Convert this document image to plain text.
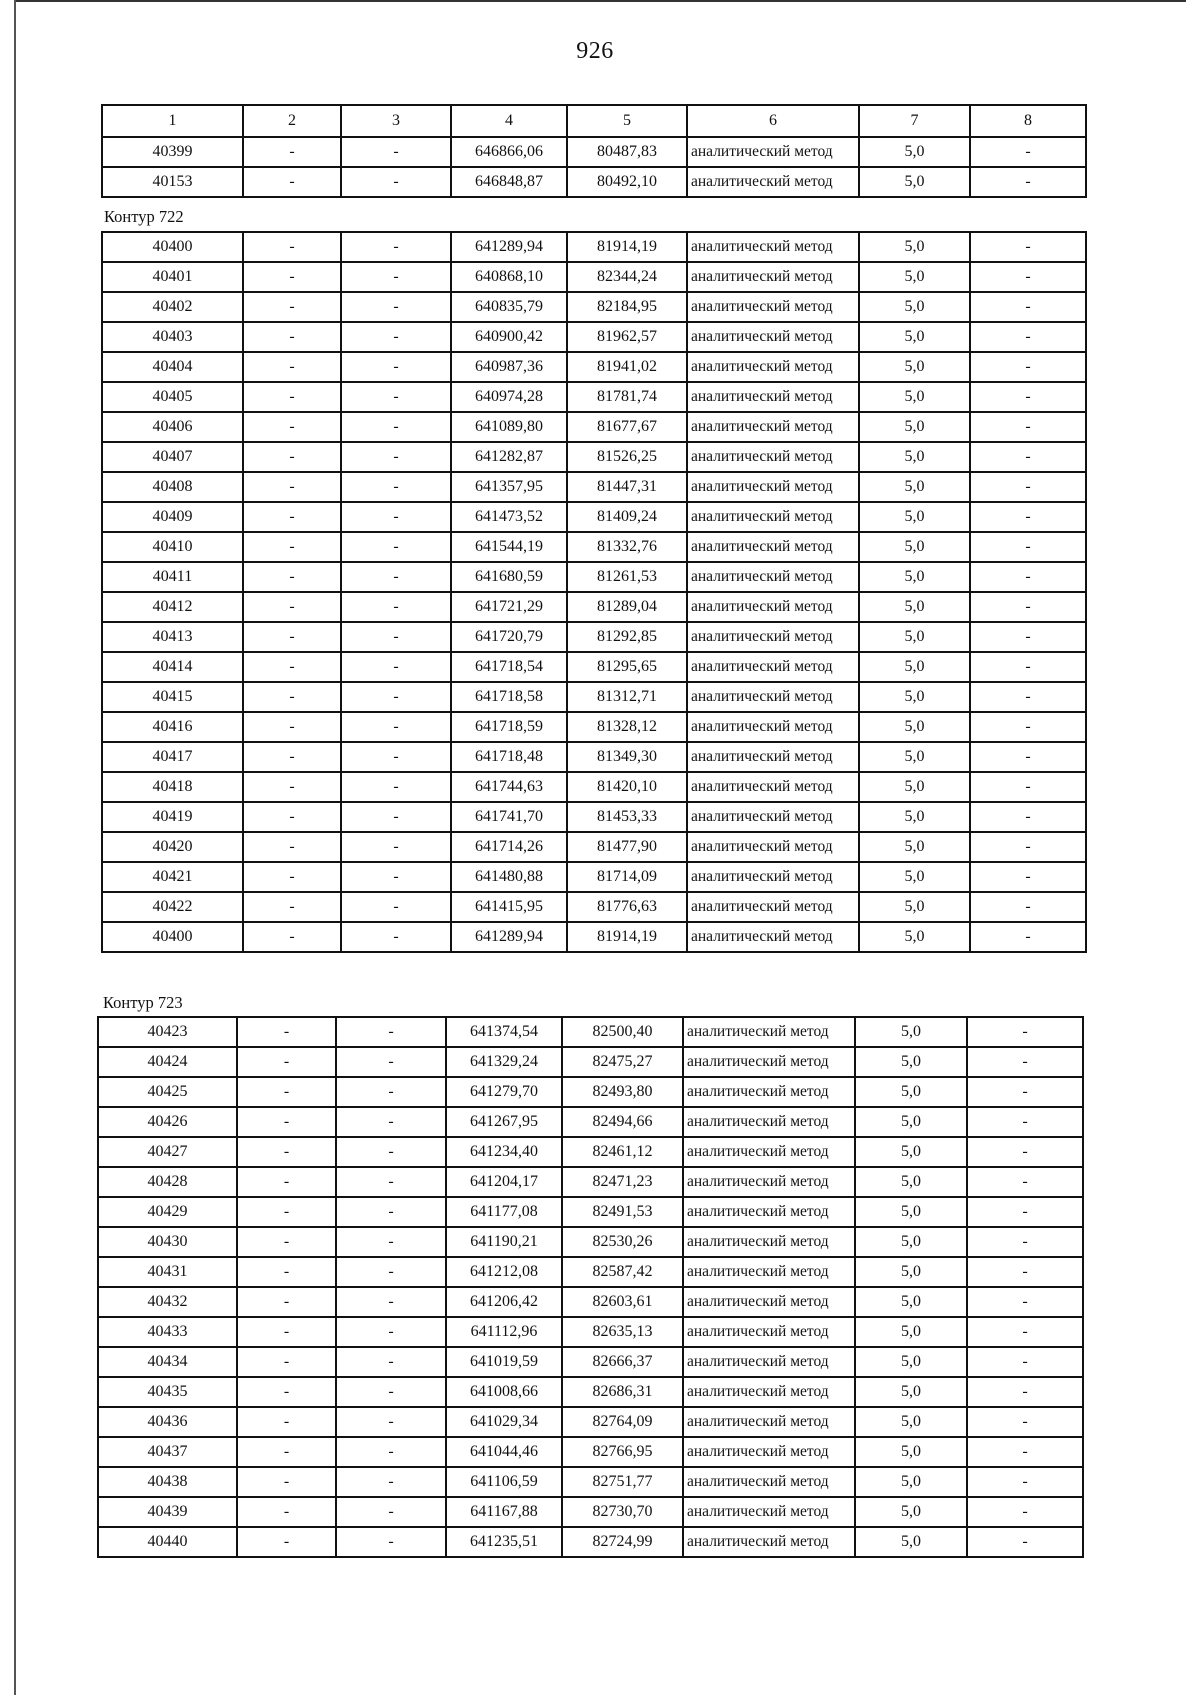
926
1	2	3	4	5	6	7	8
40399	-	-	646866,06	80487,83	аналитический метод	5,0	-
40153	-	-	646848,87	80492,10	аналитический метод	5,0	-
Контур 722
40400	-	-	641289,94	81914,19	аналитический метод	5,0	-
40401	-	-	640868,10	82344,24	аналитический метод	5,0	-
40402	-	-	640835,79	82184,95	аналитический метод	5,0	-
40403	-	-	640900,42	81962,57	аналитический метод	5,0	-
40404	-	-	640987,36	81941,02	аналитический метод	5,0	-
40405	-	-	640974,28	81781,74	аналитический метод	5,0	-
40406	-	-	641089,80	81677,67	аналитический метод	5,0	-
40407	-	-	641282,87	81526,25	аналитический метод	5,0	-
40408	-	-	641357,95	81447,31	аналитический метод	5,0	-
40409	-	-	641473,52	81409,24	аналитический метод	5,0	-
40410	-	-	641544,19	81332,76	аналитический метод	5,0	-
40411	-	-	641680,59	81261,53	аналитический метод	5,0	-
40412	-	-	641721,29	81289,04	аналитический метод	5,0	-
40413	-	-	641720,79	81292,85	аналитический метод	5,0	-
40414	-	-	641718,54	81295,65	аналитический метод	5,0	-
40415	-	-	641718,58	81312,71	аналитический метод	5,0	-
40416	-	-	641718,59	81328,12	аналитический метод	5,0	-
40417	-	-	641718,48	81349,30	аналитический метод	5,0	-
40418	-	-	641744,63	81420,10	аналитический метод	5,0	-
40419	-	-	641741,70	81453,33	аналитический метод	5,0	-
40420	-	-	641714,26	81477,90	аналитический метод	5,0	-
40421	-	-	641480,88	81714,09	аналитический метод	5,0	-
40422	-	-	641415,95	81776,63	аналитический метод	5,0	-
40400	-	-	641289,94	81914,19	аналитический метод	5,0	-
Контур 723
40423	-	-	641374,54	82500,40	аналитический метод	5,0	-
40424	-	-	641329,24	82475,27	аналитический метод	5,0	-
40425	-	-	641279,70	82493,80	аналитический метод	5,0	-
40426	-	-	641267,95	82494,66	аналитический метод	5,0	-
40427	-	-	641234,40	82461,12	аналитический метод	5,0	-
40428	-	-	641204,17	82471,23	аналитический метод	5,0	-
40429	-	-	641177,08	82491,53	аналитический метод	5,0	-
40430	-	-	641190,21	82530,26	аналитический метод	5,0	-
40431	-	-	641212,08	82587,42	аналитический метод	5,0	-
40432	-	-	641206,42	82603,61	аналитический метод	5,0	-
40433	-	-	641112,96	82635,13	аналитический метод	5,0	-
40434	-	-	641019,59	82666,37	аналитический метод	5,0	-
40435	-	-	641008,66	82686,31	аналитический метод	5,0	-
40436	-	-	641029,34	82764,09	аналитический метод	5,0	-
40437	-	-	641044,46	82766,95	аналитический метод	5,0	-
40438	-	-	641106,59	82751,77	аналитический метод	5,0	-
40439	-	-	641167,88	82730,70	аналитический метод	5,0	-
40440	-	-	641235,51	82724,99	аналитический метод	5,0	-
